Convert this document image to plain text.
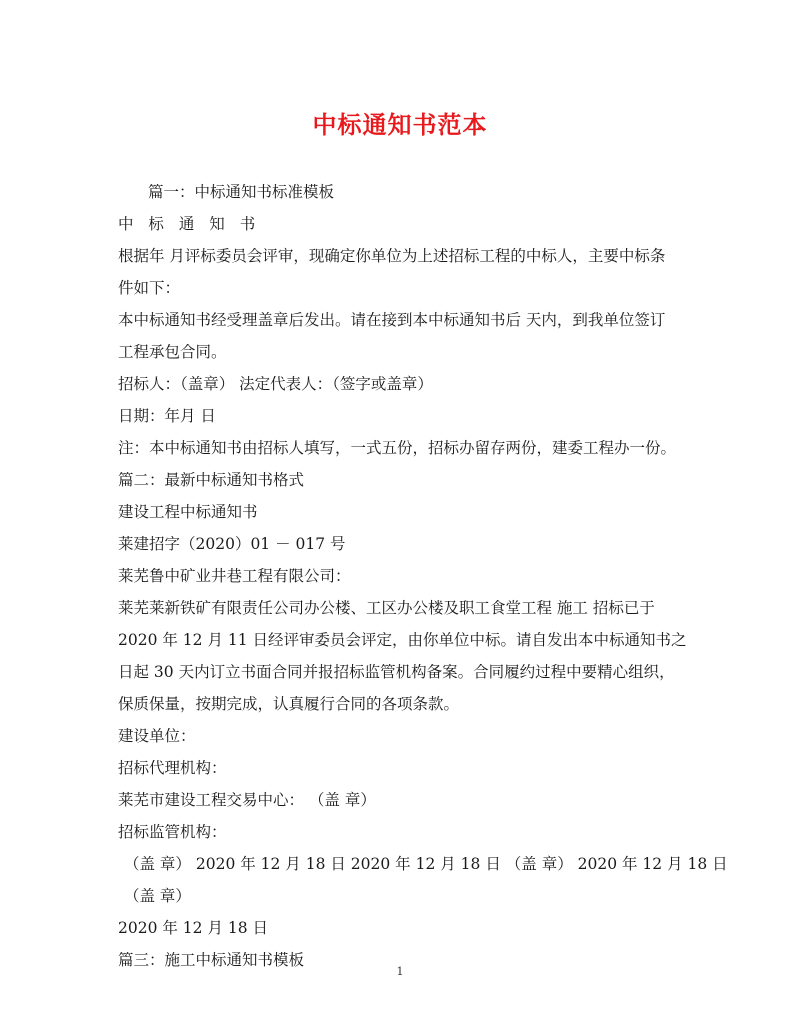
中标通知书范本
篇一：中标通知书标准模板
中 标 通 知 书
根据年 月评标委员会评审，现确定你单位为上述招标工程的中标人，主要中标条
件如下：
本中标通知书经受理盖章后发出。请在接到本中标通知书后 天内，到我单位签订
工程承包合同。
招标人：（盖章） 法定代表人：（签字或盖章）
日期：年月 日
注：本中标通知书由招标人填写，一式五份，招标办留存两份，建委工程办一份。
篇二：最新中标通知书格式
建设工程中标通知书
莱建招字（2020）01 － 017 号
莱芜鲁中矿业井巷工程有限公司：
莱芜莱新铁矿有限责任公司办公楼、工区办公楼及职工食堂工程 施工 招标已于
2020 年 12 月 11 日经评审委员会评定，由你单位中标。请自发出本中标通知书之
日起 30 天内订立书面合同并报招标监管机构备案。合同履约过程中要精心组织，
保质保量，按期完成，认真履行合同的各项条款。
建设单位：
招标代理机构：
莱芜市建设工程交易中心： （盖 章）
招标监管机构：
（盖 章） 2020 年 12 月 18 日 2020 年 12 月 18 日 （盖 章） 2020 年 12 月 18 日
（盖 章）
2020 年 12 月 18 日
篇三：施工中标通知书模板
1
